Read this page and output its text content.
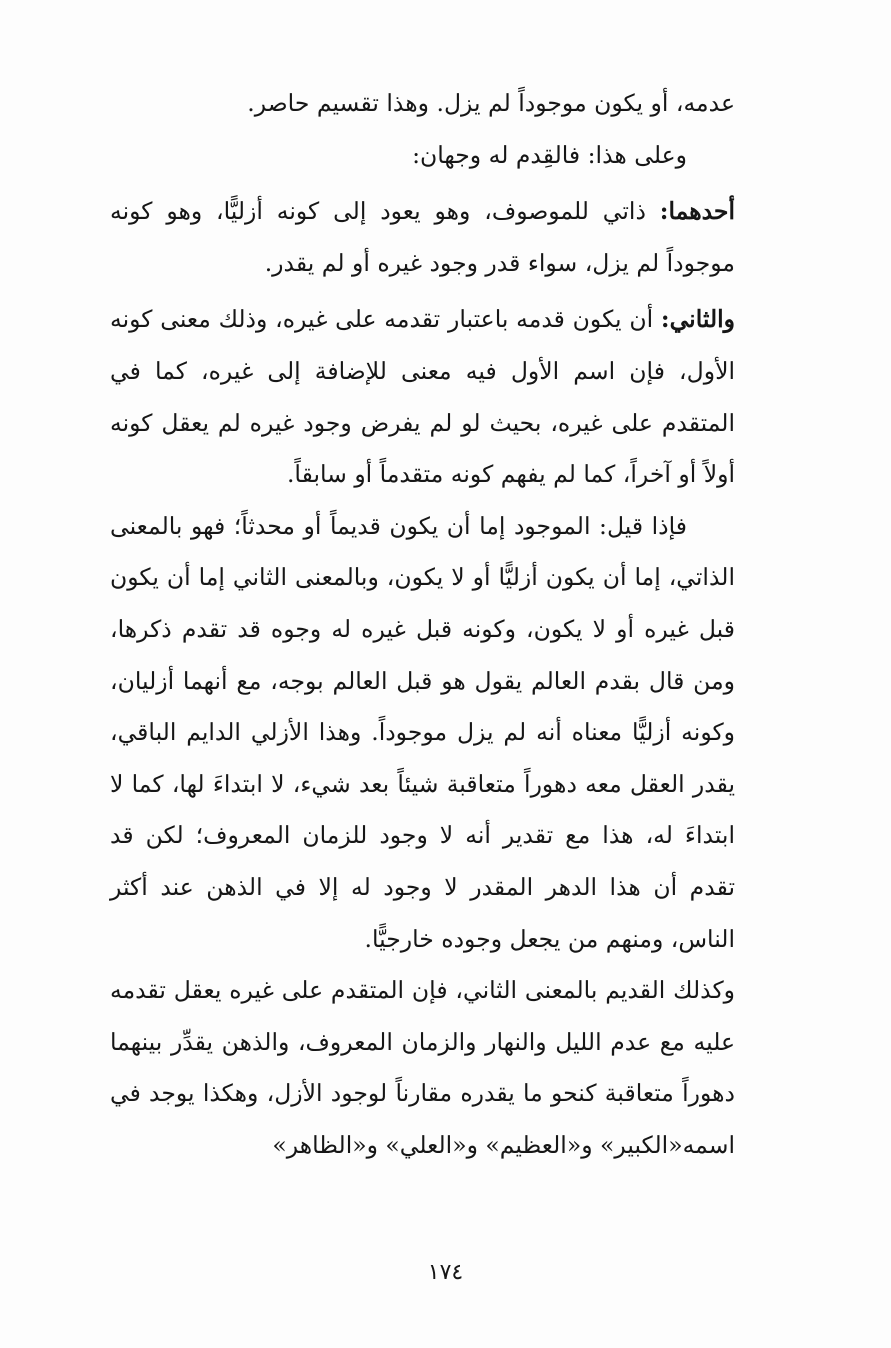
عدمه، أو يكون موجوداً لم يزل. وهذا تقسيم حاصر.

وعلى هذا: فالقِدم له وجهان:

أحدهما: ذاتي للموصوف، وهو يعود إلى كونه أزليًّا، وهو كونه موجوداً لم يزل، سواء قدر وجود غيره أو لم يقدر.

والثاني: أن يكون قدمه باعتبار تقدمه على غيره، وذلك معنى كونه الأول، فإن اسم الأول فيه معنى للإضافة إلى غيره، كما في المتقدم على غيره، بحيث لو لم يفرض وجود غيره لم يعقل كونه أولاً أو آخراً، كما لم يفهم كونه متقدماً أو سابقاً.

فإذا قيل: الموجود إما أن يكون قديماً أو محدثاً؛ فهو بالمعنى الذاتي، إما أن يكون أزليًّا أو لا يكون، وبالمعنى الثاني إما أن يكون قبل غيره أو لا يكون، وكونه قبل غيره له وجوه قد تقدم ذكرها، ومن قال بقدم العالم يقول هو قبل العالم بوجه، مع أنهما أزليان، وكونه أزليًّا معناه أنه لم يزل موجوداً. وهذا الأزلي الدايم الباقي، يقدر العقل معه دهوراً متعاقبة شيئاً بعد شيء، لا ابتداءَ لها، كما لا ابتداءَ له، هذا مع تقدير أنه لا وجود للزمان المعروف؛ لكن قد تقدم أن هذا الدهر المقدر لا وجود له إلا في الذهن عند أكثر الناس، ومنهم من يجعل وجوده خارجيًّا.

وكذلك القديم بالمعنى الثاني، فإن المتقدم على غيره يعقل تقدمه عليه مع عدم الليل والنهار والزمان المعروف، والذهن يقدِّر بينهما دهوراً متعاقبة كنحو ما يقدره مقارناً لوجود الأزل، وهكذا يوجد في اسمه«الكبير» و«العظيم» و«العلي» و«الظاهر»

١٧٤
